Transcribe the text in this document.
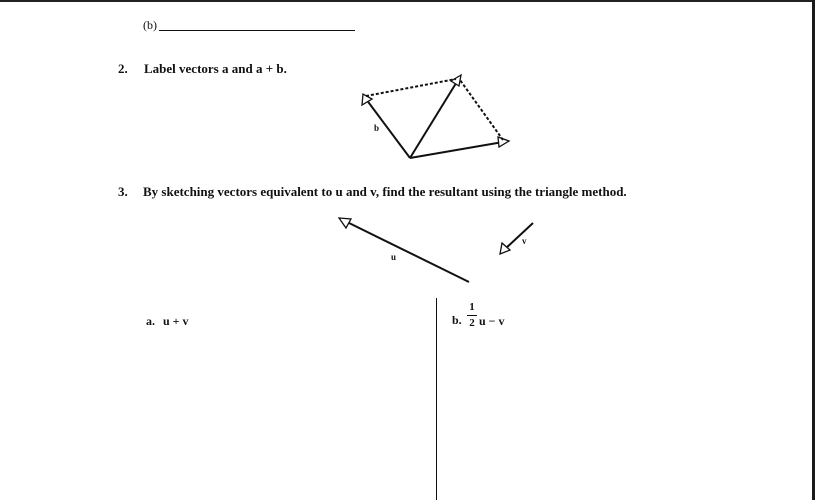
(b)
2. Label vectors a and a + b.
3. By sketching vectors equivalent to u and v, find the resultant using the triangle method.
a. u + v	b.
1
2 u − v
b
u
v
